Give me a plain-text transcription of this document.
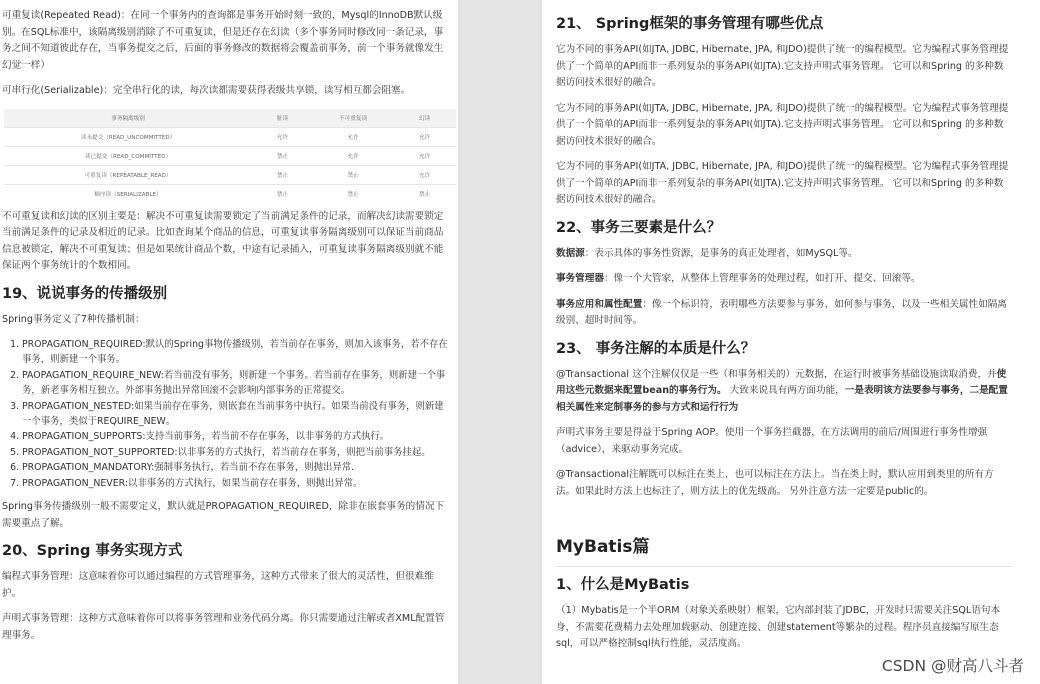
可重复读(Repeated Read)：在同一个事务内的查询都是事务开始时刻一致的，Mysql的InnoDB默认级别。在SQL标准中，该隔离级别消除了不可重复读，但是还存在幻读（多个事务同时修改同一条记录，事务之间不知道彼此存在，当事务提交之后，后面的事务修改的数据将会覆盖前事务，前一个事务就像发生幻觉一样）

可串行化(Serializable)：完全串行化的读，每次读都需要获得表级共享锁，读写相互都会阻塞。

事务隔离级别	脏读	不可重复读	幻读
读未提交（READ_UNCOMMITTED）	允许	允许	允许
读已提交（READ_COMMITTED）	禁止	允许	允许
可重复读（REPEATABLE_READ）	禁止	禁止	允许
顺序读（SERIALIZABLE）	禁止	禁止	禁止

不可重复读和幻读的区别主要是：解决不可重复读需要锁定了当前满足条件的记录，而解决幻读需要锁定当前满足条件的记录及相近的记录。比如查询某个商品的信息，可重复读事务隔离级别可以保证当前商品信息被锁定，解决不可重复读；但是如果统计商品个数，中途有记录插入，可重复读事务隔离级别就不能保证两个事务统计的个数相同。

19、说说事务的传播级别

Spring事务定义了7种传播机制：

1. PROPAGATION_REQUIRED:默认的Spring事物传播级别，若当前存在事务，则加入该事务，若不存在事务，则新建一个事务。
2. PAOPAGATION_REQUIRE_NEW:若当前没有事务，则新建一个事务。若当前存在事务，则新建一个事务，新老事务相互独立。外部事务抛出异常回滚不会影响内部事务的正常提交。
3. PROPAGATION_NESTED:如果当前存在事务，则嵌套在当前事务中执行。如果当前没有事务，则新建一个事务，类似于REQUIRE_NEW。
4. PROPAGATION_SUPPORTS:支持当前事务，若当前不存在事务，以非事务的方式执行。
5. PROPAGATION_NOT_SUPPORTED:以非事务的方式执行，若当前存在事务，则把当前事务挂起。
6. PROPAGATION_MANDATORY:强制事务执行，若当前不存在事务，则抛出异常.
7. PROPAGATION_NEVER:以非事务的方式执行，如果当前存在事务，则抛出异常。

Spring事务传播级别一般不需要定义，默认就是PROPAGATION_REQUIRED，除非在嵌套事务的情况下需要重点了解。

20、Spring 事务实现方式

编程式事务管理：这意味着你可以通过编程的方式管理事务，这种方式带来了很大的灵活性，但很难维护。

声明式事务管理：这种方式意味着你可以将事务管理和业务代码分离。你只需要通过注解或者XML配置管理事务。

21、 Spring框架的事务管理有哪些优点

它为不同的事务API(如JTA, JDBC, Hibernate, JPA, 和JDO)提供了统一的编程模型。它为编程式事务管理提供了一个简单的API而非一系列复杂的事务API(如JTA).它支持声明式事务管理。 它可以和Spring 的多种数据访问技术很好的融合。

它为不同的事务API(如JTA, JDBC, Hibernate, JPA, 和JDO)提供了统一的编程模型。它为编程式事务管理提供了一个简单的API而非一系列复杂的事务API(如JTA).它支持声明式事务管理。 它可以和Spring 的多种数据访问技术很好的融合。

它为不同的事务API(如JTA, JDBC, Hibernate, JPA, 和JDO)提供了统一的编程模型。它为编程式事务管理提供了一个简单的API而非一系列复杂的事务API(如JTA).它支持声明式事务管理。 它可以和Spring 的多种数据访问技术很好的融合。

22、事务三要素是什么？

数据源：表示具体的事务性资源，是事务的真正处理者，如MySQL等。

事务管理器：像一个大管家，从整体上管理事务的处理过程，如打开、提交、回滚等。

事务应用和属性配置：像一个标识符，表明哪些方法要参与事务，如何参与事务，以及一些相关属性如隔离级别、超时时间等。

23、 事务注解的本质是什么？

@Transactional 这个注解仅仅是一些（和事务相关的）元数据，在运行时被事务基础设施读取消费，并使用这些元数据来配置bean的事务行为。 大致来说具有两方面功能，一是表明该方法要参与事务，二是配置相关属性来定制事务的参与方式和运行行为

声明式事务主要是得益于Spring AOP。使用一个事务拦截器，在方法调用的前后/周围进行事务性增强（advice），来驱动事务完成。

@Transactional注解既可以标注在类上，也可以标注在方法上。当在类上时，默认应用到类里的所有方法。如果此时方法上也标注了，则方法上的优先级高。 另外注意方法一定要是public的。

MyBatis篇
1、什么是MyBatis

（1）Mybatis是一个半ORM（对象关系映射）框架，它内部封装了JDBC，开发时只需要关注SQL语句本身，不需要花费精力去处理加载驱动、创建连接、创建statement等繁杂的过程。程序员直接编写原生态sql，可以严格控制sql执行性能，灵活度高。

CSDN @财高八斗者
